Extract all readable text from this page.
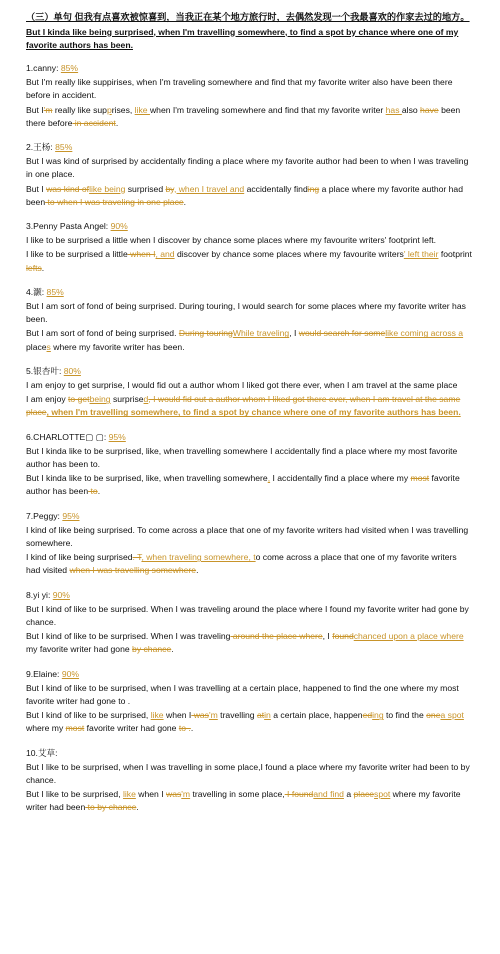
（三）单句 但我有点喜欢被惊喜到，当我正在某个地方旅行时，去偶然发现一个我最喜欢的作家去过的地方。
But I kinda like being surprised, when I'm travelling somewhere, to find a spot by chance where one of my favorite authors has been.
1.canny: 85%

But I'm really like suppirises, when I'm traveling somewhere and find that my favorite writer also have been there before in accident.

But I'm really like supprises, like when I'm traveling somewhere and find that my favorite writer has also have been there before in accident.

2.王杨: 85%

But I was kind of surprised by accidentally finding a place where my favorite author had been to when I was traveling in one place.

But I was kind oflike being surprised by, when I travel and accidentally finding a place where my favorite author had been to when I was traveling in one place.

3.Penny Pasta Angel: 90%

I like to be surprised a little when I discover by chance some places where my favourite writers' footprint left.

I like to be surprised a little when I, and discover by chance some places where my favourite writers' left their footprint lefts.

4.灏: 85%

But I am sort of fond of being surprised. During touring, I would search for some places where my favorite writer has been.

But I am sort of fond of being surprised. During touringWhile traveling, I would search for somelike coming across a places where my favorite writer has been.

5.银杏叶: 80%

I am enjoy to get surprise, I would fid out a author whom I liked got there ever, when I am travel at the same place

I am enjoy to getbeing surprised, I would fid out a author whom I liked got there ever, when I am travel at the same place, when I'm travelling somewhere, to find a spot by chance where one of my favorite authors has been.

6.CHARLOTTE▢ ▢: 95%

But I kinda like to be surprised, like, when travelling somewhere I accidentally find a place where my most favorite author has been to.

But I kinda like to be surprised, like, when travelling somewhere, I accidentally find a place where my most favorite author has been to.

7.Peggy: 95%

I kind of like being surprised. To come across a place that one of my favorite writers had visited when I was travelling somewhere.

I kind of like being surprised. T, when traveling somewhere, to come across a place that one of my favorite writers had visited when I was travelling somewhere.

8.yi yi: 90%

But I kind of like to be surprised. When I was traveling around the place where I found my favorite writer had gone by chance.

But I kind of like to be surprised. When I was traveling around the place where, I foundchanced upon a place where my favorite writer had gone by chance.

9.Elaine: 90%

But I kind of like to be surprised, when I was travelling at a certain place, happened to find the one where my most favorite writer had gone to .

But I kind of like to be surprised, like when I was'm travelling atin a certain place, happeneding to find the onea spot where my most favorite writer had gone to ..

10.艾草:

But I like to be surprised, when I was travelling in some place,I found a place where my favorite writer had been to by chance.

But I like to be surprised, like when I was'm travelling in some place, I foundand find a placespot where my favorite writer had been to by chance.
